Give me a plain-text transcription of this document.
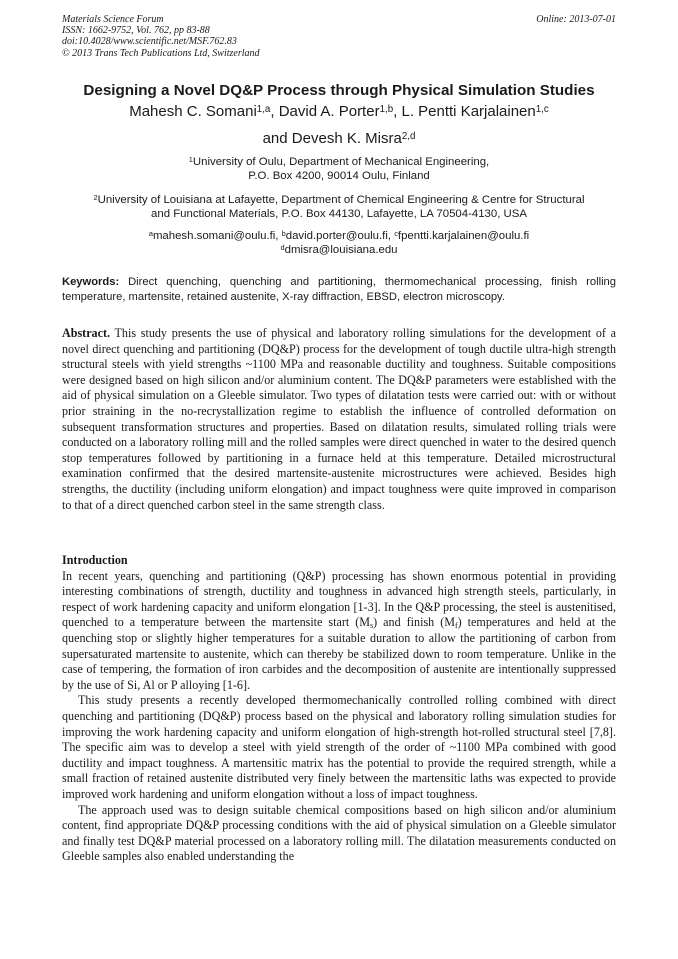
Materials Science Forum
ISSN: 1662-9752, Vol. 762, pp 83-88
doi:10.4028/www.scientific.net/MSF.762.83
© 2013 Trans Tech Publications Ltd, Switzerland
Online: 2013-07-01
Designing a Novel DQ&P Process through Physical Simulation Studies
Mahesh C. Somani$^{1,a}$, David A. Porter$^{1,b}$, L. Pentti Karjalainen$^{1,c}$
and Devesh K. Misra$^{2,d}$
$^1$University of Oulu, Department of Mechanical Engineering,
P.O. Box 4200, 90014 Oulu, Finland
$^2$University of Louisiana at Lafayette, Department of Chemical Engineering & Centre for Structural
and Functional Materials, P.O. Box 44130, Lafayette, LA 70504-4130, USA
$^a$mahesh.somani@oulu.fi, $^b$david.porter@oulu.fi, $^c$fpentti.karjalainen@oulu.fi
$^d$dmisra@louisiana.edu
Keywords: Direct quenching, quenching and partitioning, thermomechanical processing, finish rolling temperature, martensite, retained austenite, X-ray diffraction, EBSD, electron microscopy.

Abstract. This study presents the use of physical and laboratory rolling simulations for the development of a novel direct quenching and partitioning (DQ&P) process for the development of tough ductile ultra-high strength structural steels with yield strengths ~1100 MPa and reasonable ductility and toughness. Suitable compositions were designed based on high silicon and/or aluminium content. The DQ&P parameters were established with the aid of physical simulation on a Gleeble simulator. Two types of dilatation tests were carried out: with or without prior straining in the no-recrystallization regime to establish the influence of controlled deformation on subsequent transformation structures and properties. Based on dilatation results, simulated rolling trials were conducted on a laboratory rolling mill and the rolled samples were direct quenched in water to the desired quench stop temperatures followed by partitioning in a furnace held at this temperature. Detailed microstructural examination confirmed that the desired martensite-austenite microstructures were achieved. Besides high strengths, the ductility (including uniform elongation) and impact toughness were quite improved in comparison to that of a direct quenched carbon steel in the same strength class.

Introduction

In recent years, quenching and partitioning (Q&P) processing has shown enormous potential in providing interesting combinations of strength, ductility and toughness in advanced high strength steels, particularly, in respect of work hardening capacity and uniform elongation [1-3]. In the Q&P processing, the steel is austenitised, quenched to a temperature between the martensite start $(M_s)$ and finish $(M_f)$ temperatures and held at the quenching stop or slightly higher temperatures for a suitable duration to allow the partitioning of carbon from supersaturated martensite to austenite, which can thereby be stabilized down to room temperature. Unlike in the case of tempering, the formation of iron carbides and the decomposition of austenite are intentionally suppressed by the use of Si, Al or P alloying [1-6].

This study presents a recently developed thermomechanically controlled rolling combined with direct quenching and partitioning (DQ&P) process based on the physical and laboratory rolling simulation studies for improving the work hardening capacity and uniform elongation of high-strength hot-rolled structural steel [7,8]. The specific aim was to develop a steel with yield strength of the order of ~1100 MPa combined with good ductility and impact toughness. A martensitic matrix has the potential to provide the required strength, while a small fraction of retained austenite distributed very finely between the martensitic laths was expected to provide improved work hardening and uniform elongation without a loss of impact toughness.

The approach used was to design suitable chemical compositions based on high silicon and/or aluminium content, find appropriate DQ&P processing conditions with the aid of physical simulation on a Gleeble simulator and finally test DQ&P material processed on a laboratory rolling mill. The dilatation measurements conducted on Gleeble samples also enabled understanding the
